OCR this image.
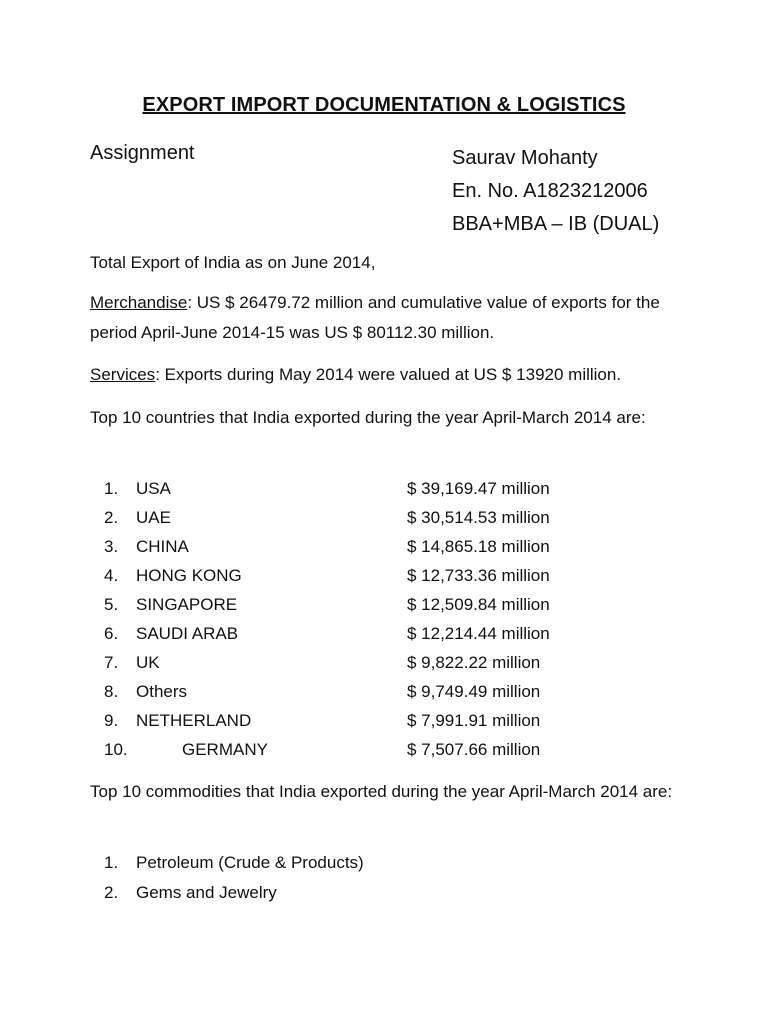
EXPORT IMPORT DOCUMENTATION & LOGISTICS
Assignment	Saurav Mohanty
En. No. A1823212006
BBA+MBA – IB (DUAL)
Total Export of India as on June 2014,
Merchandise: US $ 26479.72 million and cumulative value of exports for the period April-June 2014-15 was US $ 80112.30 million.
Services: Exports during May 2014 were valued at US $ 13920 million.
Top 10 countries that India exported during the year April-March 2014 are:
1. USA	$ 39,169.47 million
2. UAE	$ 30,514.53 million
3. CHINA	$ 14,865.18 million
4. HONG KONG	$ 12,733.36 million
5. SINGAPORE	$ 12,509.84 million
6. SAUDI ARAB	$ 12,214.44 million
7. UK	$ 9,822.22 million
8. Others	$ 9,749.49 million
9. NETHERLAND	$ 7,991.91 million
10.	GERMANY	$ 7,507.66 million
Top 10 commodities that India exported during the year April-March 2014 are:
1. Petroleum (Crude & Products)
2. Gems and Jewelry
